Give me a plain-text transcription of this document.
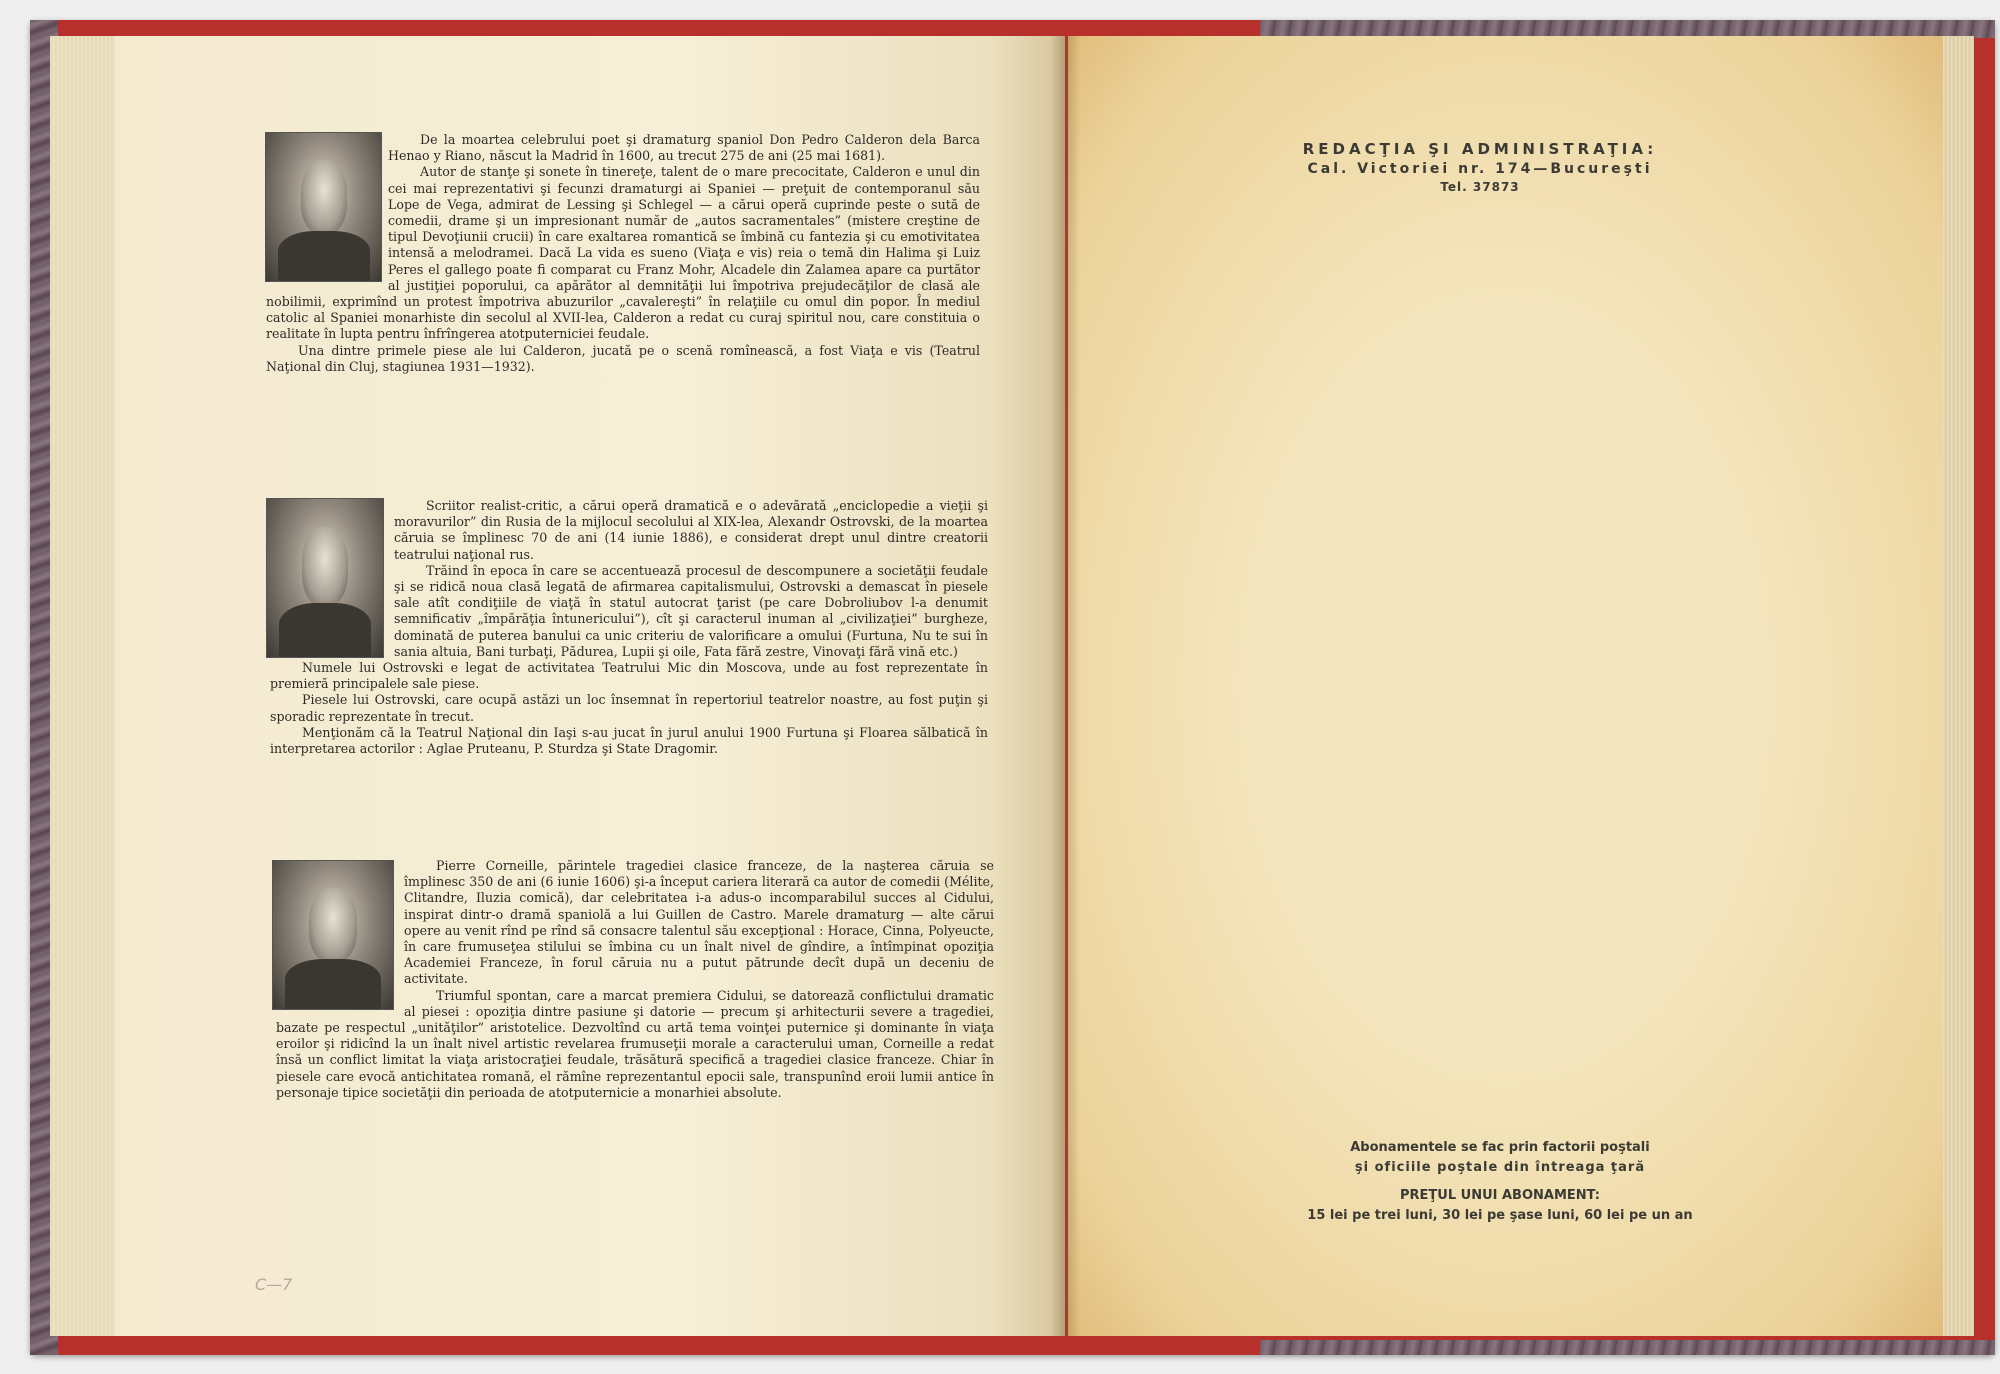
De la moartea celebrului poet şi dramaturg spaniol Don Pedro Calderon dela Barca Henao y Riano, născut la Madrid în 1600, au trecut 275 de ani (25 mai 1681).

Autor de stanţe şi sonete în tinereţe, talent de o mare precocitate, Calderon e unul din cei mai reprezentativi şi fecunzi dramaturgi ai Spaniei — preţuit de contemporanul său Lope de Vega, admirat de Lessing şi Schlegel — a cărui operă cuprinde peste o sută de comedii, drame şi un impresionant număr de „autos sacramentales” (mistere creştine de tipul Devoţiunii crucii) în care exaltarea romantică se îmbină cu fantezia şi cu emotivitatea intensă a melodramei. Dacă La vida es sueno (Viaţa e vis) reia o temă din Halima şi Luiz Peres el gallego poate fi comparat cu Franz Mohr, Alcadele din Zalamea apare ca purtător al justiţiei poporului, ca apărător al demnităţii lui împotriva prejudecăţilor de clasă ale nobilimii, exprimînd un protest împotriva abuzurilor „cavalereşti” în relaţiile cu omul din popor. În mediul catolic al Spaniei monarhiste din secolul al XVII-lea, Calderon a redat cu curaj spiritul nou, care constituia o realitate în lupta pentru înfrîngerea atotputerniciei feudale.

Una dintre primele piese ale lui Calderon, jucată pe o scenă romînească, a fost Viaţa e vis (Teatrul Naţional din Cluj, stagiunea 1931—1932).

Scriitor realist-critic, a cărui operă dramatică e o adevărată „enciclopedie a vieţii şi moravurilor” din Rusia de la mijlocul secolului al XIX-lea, Alexandr Ostrovski, de la moartea căruia se împlinesc 70 de ani (14 iunie 1886), e considerat drept unul dintre creatorii teatrului naţional rus.

Trăind în epoca în care se accentuează procesul de descompunere a societăţii feudale şi se ridică noua clasă legată de afirmarea capitalismului, Ostrovski a demascat în piesele sale atît condiţiile de viaţă în statul autocrat ţarist (pe care Dobroliubov l-a denumit semnificativ „împărăţia întunericului”), cît şi caracterul inuman al „civilizaţiei” burgheze, dominată de puterea banului ca unic criteriu de valorificare a omului (Furtuna, Nu te sui în sania altuia, Bani turbaţi, Pădurea, Lupii şi oile, Fata fără zestre, Vinovaţi fără vină etc.)

Numele lui Ostrovski e legat de activitatea Teatrului Mic din Moscova, unde au fost reprezentate în premieră principalele sale piese.

Piesele lui Ostrovski, care ocupă astăzi un loc însemnat în repertoriul teatrelor noastre, au fost puţin şi sporadic reprezentate în trecut.

Menţionăm că la Teatrul Naţional din Iaşi s-au jucat în jurul anului 1900 Furtuna şi Floarea sălbatică în interpretarea actorilor : Aglae Pruteanu, P. Sturdza şi State Dragomir.

Pierre Corneille, părintele tragediei clasice franceze, de la naşterea căruia se împlinesc 350 de ani (6 iunie 1606) şi-a început cariera literară ca autor de comedii (Mélite, Clitandre, Iluzia comică), dar celebritatea i-a adus-o incomparabilul succes al Cidului, inspirat dintr-o dramă spaniolă a lui Guillen de Castro. Marele dramaturg — alte cărui opere au venit rînd pe rînd să consacre talentul său excepţional : Horace, Cinna, Polyeucte, în care frumuseţea stilului se îmbina cu un înalt nivel de gîndire, a întîmpinat opoziţia Academiei Franceze, în forul căruia nu a putut pătrunde decît după un deceniu de activitate.

Triumful spontan, care a marcat premiera Cidului, se datorează conflictului dramatic al piesei : opoziţia dintre pasiune şi datorie — precum şi arhitecturii severe a tragediei, bazate pe respectul „unităţilor” aristotelice. Dezvoltînd cu artă tema voinţei puternice şi dominante în viaţa eroilor şi ridicînd la un înalt nivel artistic revelarea frumuseţii morale a caracterului uman, Corneille a redat însă un conflict limitat la viaţa aristocraţiei feudale, trăsătură specifică a tragediei clasice franceze. Chiar în piesele care evocă antichitatea romană, el rămîne reprezentantul epocii sale, transpunînd eroii lumii antice în personaje tipice societăţii din perioada de atotputernicie a monarhiei absolute.

C—7
REDACŢIA ŞI ADMINISTRAŢIA:
Cal. Victoriei nr. 174—Bucureşti
Tel. 37873
Abonamentele se fac prin factorii poştali
şi oficiile poştale din întreaga ţară
PREŢUL UNUI ABONAMENT:
15 lei pe trei luni, 30 lei pe şase luni, 60 lei pe un an
